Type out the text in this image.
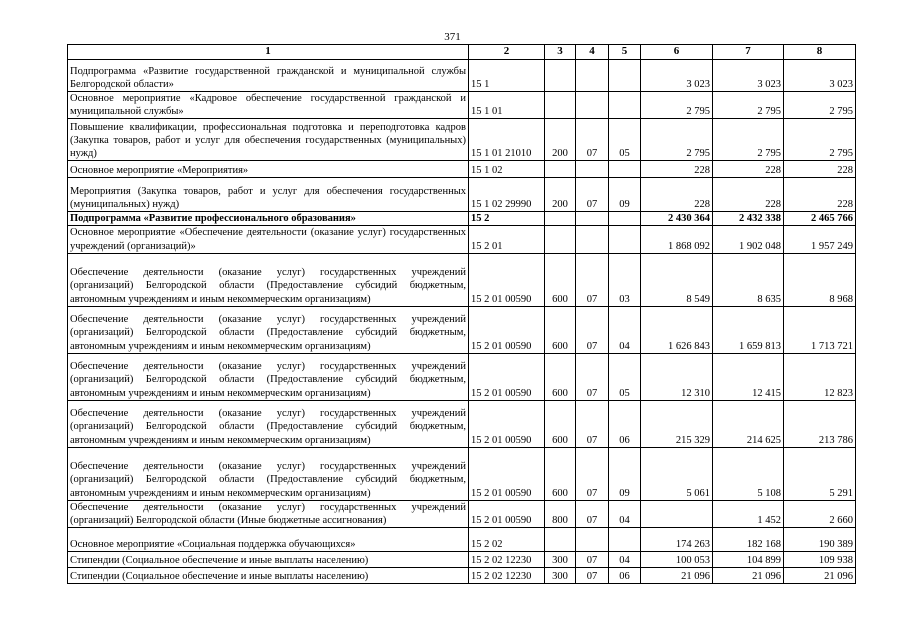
371
1	2	3	4	5	6	7	8
Подпрограмма «Развитие государственной гражданской и муниципальной службы Белгородской области»	15 1				3 023	3 023	3 023
Основное мероприятие «Кадровое обеспечение государственной гражданской и муниципальной службы»	15 1 01				2 795	2 795	2 795
Повышение квалификации, профессиональная подготовка и переподготовка кадров (Закупка товаров, работ и услуг для обеспечения государственных (муниципальных) нужд)	15 1 01 21010	200	07	05	2 795	2 795	2 795
Основное мероприятие «Мероприятия»	15 1 02				228	228	228
Мероприятия (Закупка товаров, работ и услуг для обеспечения государственных (муниципальных) нужд)	15 1 02 29990	200	07	09	228	228	228
Подпрограмма «Развитие профессионального образования»	15 2				2 430 364	2 432 338	2 465 766
Основное мероприятие «Обеспечение деятельности (оказание услуг) государственных учреждений (организаций)»	15 2 01				1 868 092	1 902 048	1 957 249
Обеспечение деятельности (оказание услуг) государственных учреждений (организаций) Белгородской области (Предоставление субсидий бюджетным, автономным учреждениям и иным некоммерческим организациям)	15 2 01 00590	600	07	03	8 549	8 635	8 968
Обеспечение деятельности (оказание услуг) государственных учреждений (организаций) Белгородской области (Предоставление субсидий бюджетным, автономным учреждениям и иным некоммерческим организациям)	15 2 01 00590	600	07	04	1 626 843	1 659 813	1 713 721
Обеспечение деятельности (оказание услуг) государственных учреждений (организаций) Белгородской области (Предоставление субсидий бюджетным, автономным учреждениям и иным некоммерческим организациям)	15 2 01 00590	600	07	05	12 310	12 415	12 823
Обеспечение деятельности (оказание услуг) государственных учреждений (организаций) Белгородской области (Предоставление субсидий бюджетным, автономным учреждениям и иным некоммерческим организациям)	15 2 01 00590	600	07	06	215 329	214 625	213 786
Обеспечение деятельности (оказание услуг) государственных учреждений (организаций) Белгородской области (Предоставление субсидий бюджетным, автономным учреждениям и иным некоммерческим организациям)	15 2 01 00590	600	07	09	5 061	5 108	5 291
Обеспечение деятельности (оказание услуг) государственных учреждений (организаций) Белгородской области (Иные бюджетные ассигнования)	15 2 01 00590	800	07	04		1 452	2 660
Основное мероприятие «Социальная поддержка обучающихся»	15 2 02				174 263	182 168	190 389
Стипендии (Социальное обеспечение и иные выплаты населению)	15 2 02 12230	300	07	04	100 053	104 899	109 938
Стипендии (Социальное обеспечение и иные выплаты населению)	15 2 02 12230	300	07	06	21 096	21 096	21 096
